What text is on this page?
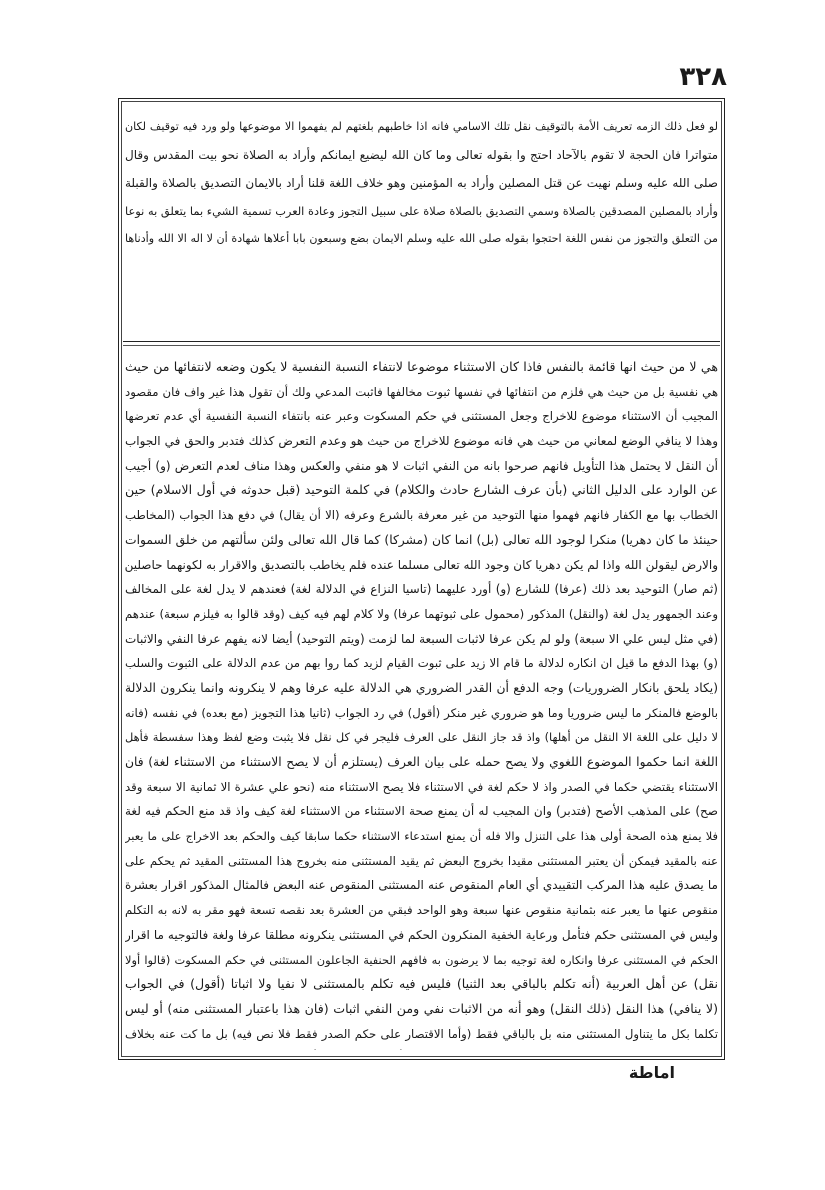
٣٢٨
لو فعل ذلك الزمه تعريف الأمة بالتوقيف نقل تلك الاسامي فانه اذا خاطبهم بلغتهم لم يفهموا الا موضوعها ولو ورد فيه توقيف لكان
متواترا فان الحجة لا تقوم بالآحاد احتج وا بقوله تعالى وما كان الله ليضيع ايمانكم وأراد به الصلاة نحو بيت المقدس وقال
صلى الله عليه وسلم نهيت عن قتل المصلين وأراد به المؤمنين وهو خلاف اللغة قلنا أراد بالايمان التصديق بالصلاة والقبلة
وأراد بالمصلين المصدقين بالصلاة وسمي التصديق بالصلاة صلاة على سبيل التجوز وعادة العرب تسمية الشيء بما يتعلق به نوعا
من التعلق والتجوز من نفس اللغة احتجوا بقوله صلى الله عليه وسلم الايمان بضع وسبعون بابا أعلاها شهادة أن لا اله الا الله وأدناها
هي لا من حيث انها قائمة بالنفس فاذا كان الاستثناء موضوعا لانتفاء النسبة النفسية لا يكون وضعه لانتفائها من حيث
هي نفسية بل من حيث هي فلزم من انتفائها في نفسها ثبوت مخالفها فاثبت المدعي ولك أن تقول هذا غير واف فان مقصود
المجيب أن الاستثناء موضوع للاخراج وجعل المستثنى في حكم المسكوت وعبر عنه بانتفاء النسبة النفسية أي عدم تعرضها
وهذا لا ينافي الوضع لمعاني من حيث هي فانه موضوع للاخراج من حيث هو وعدم التعرض كذلك فتدبر والحق في الجواب
أن النقل لا يحتمل هذا التأويل فانهم صرحوا بانه من النفي اثبات لا هو منفي والعكس وهذا مناف لعدم التعرض (و) أجيب
عن الوارد على الدليل الثاني (بأن عرف الشارع حادث والكلام) في كلمة التوحيد (قبل حدوثه في أول الاسلام) حين
الخطاب بها مع الكفار فانهم فهموا منها التوحيد من غير معرفة بالشرع وعرفه (الا أن يقال) في دفع هذا الجواب (المخاطب
حينئذ ما كان دهريا) منكرا لوجود الله تعالى (بل) انما كان (مشركا) كما قال الله تعالى ولئن سألتهم من خلق السموات
والارض ليقولن الله واذا لم يكن دهريا كان وجود الله تعالى مسلما عنده فلم يخاطب بالتصديق والاقرار به لكونهما حاصلين
(ثم صار) التوحيد بعد ذلك (عرفا) للشارع (و) أورد عليهما (تاسيا النزاع في الدلالة لغة) فعندهم لا يدل لغة على المخالف
وعند الجمهور يدل لغة (والنقل) المذكور (محمول على ثبوتهما عرفا) ولا كلام لهم فيه كيف (وقد قالوا به فيلزم سبعة) عندهم
(في مثل ليس علي الا سبعة) ولو لم يكن عرفا لاثبات السبعة لما لزمت (ويتم التوحيد) أيضا لانه يفهم عرفا النفي والاثبات
(و) بهذا الدفع ما قيل ان انكاره لدلالة ما قام الا زيد على ثبوت القيام لزيد كما روا بهم من عدم الدلالة على الثبوت والسلب
(يكاد يلحق بانكار الضروريات) وجه الدفع أن القدر الضروري هي الدلالة عليه عرفا وهم لا ينكرونه وانما ينكرون الدلالة
بالوضع فالمنكر ما ليس ضروريا وما هو ضروري غير منكر (أقول) في رد الجواب (ثانيا هذا التجويز (مع بعده) في نفسه (فانه
لا دليل على اللغة الا النقل من أهلها) واذ قد جاز النقل على العرف فليجر في كل نقل فلا يثبت وضع لفظ وهذا سفسطة فأهل
اللغة انما حكموا الموضوع اللغوي ولا يصح حمله على بيان العرف (يستلزم أن لا يصح الاستثناء من الاستثناء لغة) فان
الاستثناء يقتضي حكما في الصدر واذ لا حكم لغة في الاستثناء فلا يصح الاستثناء منه (نحو علي عشرة الا ثمانية الا سبعة وقد
صح) على المذهب الأصح (فتدبر) وان المجيب له أن يمنع صحة الاستثناء من الاستثناء لغة كيف واذ قد منع الحكم فيه لغة
فلا يمنع هذه الصحة أولى هذا على التنزل والا فله أن يمنع استدعاء الاستثناء حكما سابقا كيف والحكم بعد الاخراج على ما يعبر
عنه بالمقيد فيمكن أن يعتبر المستثنى مقيدا بخروج البعض ثم يقيد المستثنى منه بخروج هذا المستثنى المقيد ثم يحكم على
ما يصدق عليه هذا المركب التقييدي أي العام المنقوص عنه المستثنى المنقوص عنه البعض فالمثال المذكور اقرار بعشرة
منقوص عنها ما يعبر عنه بثمانية منقوص عنها سبعة وهو الواحد فبقي من العشرة بعد نقصه تسعة فهو مقر به لانه به التكلم
وليس في المستثنى حكم فتأمل ورعاية الخفية المنكرون الحكم في المستثنى ينكرونه مطلقا عرفا ولغة فالتوجيه ما اقرار
الحكم في المستثنى عرفا وانكاره لغة توجيه بما لا يرضون به فافهم الحنفية الجاعلون المستثنى في حكم المسكوت (قالوا أولا
نقل) عن أهل العربية (أنه تكلم بالباقي بعد الثنيا) فليس فيه تكلم بالمستثنى لا نفيا ولا اثباتا (أقول) في الجواب
(لا ينافي) هذا النقل (ذلك النقل) وهو أنه من الاثبات نفي ومن النفي اثبات (فان هذا باعتبار المستثنى منه) أو ليس
تكلما بكل ما يتناول المستثنى منه بل بالباقي فقط (وأما الاقتصار على حكم الصدر فقط فلا نص فيه) بل ما كت عنه بخلاف
اماطة
